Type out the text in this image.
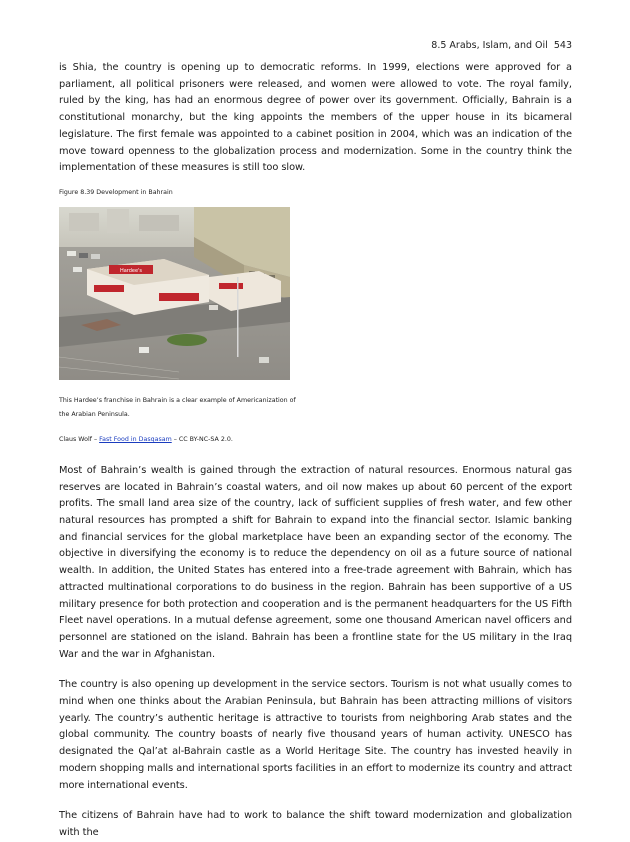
8.5 Arabs, Islam, and Oil 543

is Shia, the country is opening up to democratic reforms. In 1999, elections were approved for a parliament, all political prisoners were released, and women were allowed to vote. The royal family, ruled by the king, has had an enormous degree of power over its government. Officially, Bahrain is a constitutional monarchy, but the king appoints the members of the upper house in its bicameral legislature. The first female was appointed to a cabinet position in 2004, which was an indication of the move toward openness to the globalization process and modernization. Some in the country think the implementation of these measures is still too slow.

Figure 8.39 Development in Bahrain
Hardee's
This Hardee’s franchise in Bahrain is a clear example of Americanization of the Arabian Peninsula.
Claus Wolf – Fast Food in Dasqasam – CC BY-NC-SA 2.0.

Most of Bahrain’s wealth is gained through the extraction of natural resources. Enormous natural gas reserves are located in Bahrain’s coastal waters, and oil now makes up about 60 percent of the export profits. The small land area size of the country, lack of sufficient supplies of fresh water, and few other natural resources has prompted a shift for Bahrain to expand into the financial sector. Islamic banking and financial services for the global marketplace have been an expanding sector of the economy. The objective in diversifying the economy is to reduce the dependency on oil as a future source of national wealth. In addition, the United States has entered into a free-trade agreement with Bahrain, which has attracted multinational corporations to do business in the region. Bahrain has been supportive of a US military presence for both protection and cooperation and is the permanent headquarters for the US Fifth Fleet navel operations. In a mutual defense agreement, some one thousand American navel officers and personnel are stationed on the island. Bahrain has been a frontline state for the US military in the Iraq War and the war in Afghanistan.

The country is also opening up development in the service sectors. Tourism is not what usually comes to mind when one thinks about the Arabian Peninsula, but Bahrain has been attracting millions of visitors yearly. The country’s authentic heritage is attractive to tourists from neighboring Arab states and the global community. The country boasts of nearly five thousand years of human activity. UNESCO has designated the Qal’at al-Bahrain castle as a World Heritage Site. The country has invested heavily in modern shopping malls and international sports facilities in an effort to modernize its country and attract more international events.

The citizens of Bahrain have had to work to balance the shift toward modernization and globalization with the
